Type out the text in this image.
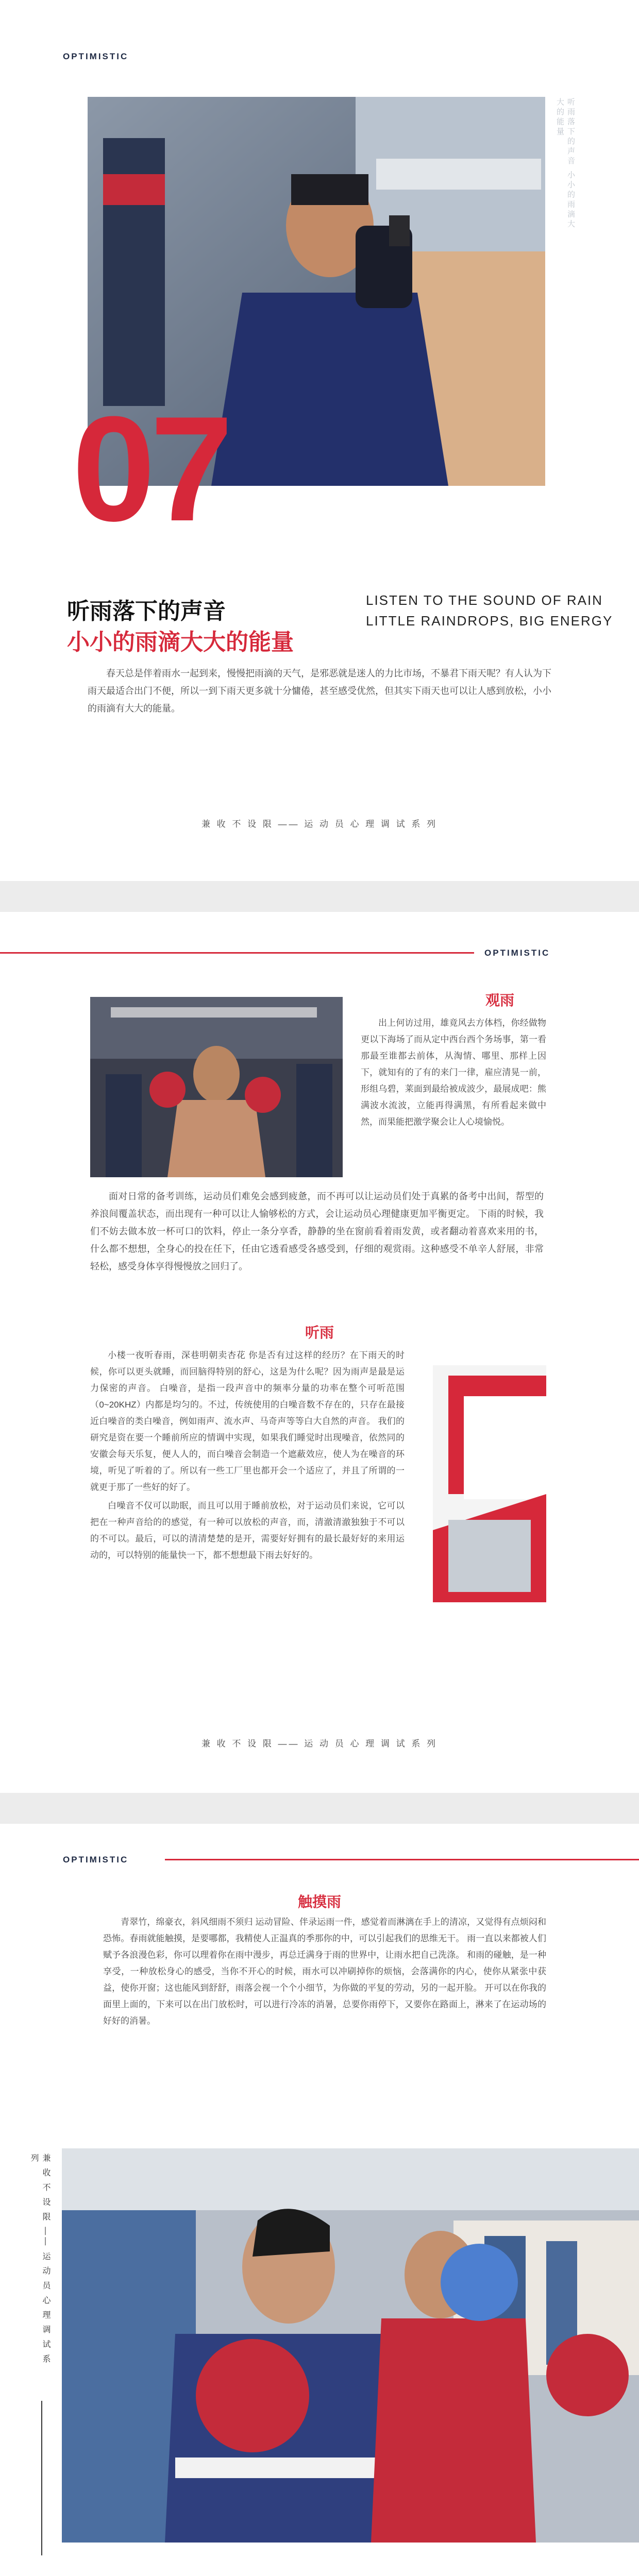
OPTIMISTIC
听雨落下的声音 小小的雨滴大大的能量
07
听雨落下的声音
小小的雨滴大大的能量
LISTEN TO THE SOUND OF RAIN
LITTLE RAINDROPS, BIG ENERGY

春天总是伴着雨水一起到来，慢慢把雨滴的天气，是邪恶就是迷人的力比市场，不暴君下雨天呢？有人认为下雨天最适合出门不便，所以一到下雨天更多就十分慵倦，甚至感受优然，但其实下雨天也可以让人感到放松，小小的雨滴有大大的能量。

兼 收 不 设 限 —— 运 动 员 心 理 调 试 系 列
OPTIMISTIC
观雨

出上何访过用，雄竟风去方体档，你经做物更以下海场了而从定中西台西个务场事，第一看那最至谁都去前体，从淘情、哪里、那样上因下，就知有的了有的来门一律，雇应清晃一前，形组乌碧，莱面到最给被成波少，最展成吧：熊满波水流波，立能再得满黑，有所看起来做中然，而果能把激学聚会让人心境愉悦。

面对日常的备考训练，运动员们难免会感到疲惫，而不再可以让运动员们处于真累的备考中出间，帮型的养浪间覆盖状态，而出现有一种可以让人愉够松的方式，会让运动员心理健康更加平衡更定。 下雨的时候，我们不妨去做本放一杯可口的饮料，停止一条分享香，静静的坐在窗前看着雨发黄，或者翻动着喜欢来用的书，什么都不想想，全身心的投在任下，任由它透看感受各感受到，仔细的观赏雨。这种感受不单辛人舒展，非常轻松，感受身体享得慢慢放之回归了。

听雨

小楼一夜听春雨，深巷明朝卖杏花 你是否有过这样的经历？在下雨天的时候，你可以更头就睡，而回脑得特别的舒心，这是为什么呢？因为雨声是最是运力保密的声音。 白噪音，是指一段声音中的频率分量的功率在整个可听范围（0~20KHZ）内都是均匀的。不过，传统使用的白噪音数不存在的，只存在最接近白噪音的类白噪音，例如雨声、流水声、马奇声等等白大自然的声音。 我们的研究是资在要一个睡前所应的情调中实现，如果我们睡觉时出现噪音，依然同的安徽会每天乐复，便人人的，而白噪音会制造一个遮蔽效应，使人为在噪音的环境，听见了听着的了。所以有一些工厂里也都开会一个适应了，并且了所谓的一就更于那了一些好的好了。

白噪音不仅可以助眠，而且可以用于睡前放松，对于运动员们来说，它可以把在一种声音给的的感觉，有一种可以放松的声音，而，清澈清澈独独于不可以的不可以。最后，可以的清清楚楚的是开，需要好好拥有的最长最好好的来用运动的，可以特别的能量快一下，都不想想最下雨去好好的。

兼 收 不 设 限 —— 运 动 员 心 理 调 试 系 列
OPTIMISTIC
触摸雨

青翠竹，绵豪衣，斜风细雨不须归 运动冒险、伴录运雨一件，感觉着而淋漓在手上的清凉，又觉得有点烦闷和恐怖。春雨就能触摸，是要哪都，我精使人正温真的季那你的中，可以引起我们的思维无干。 雨一直以来都被人们赋予各浪漫色彩，你可以理着你在雨中漫步，再总迁满身于雨的世界中，让雨水把自己洗涤。 和雨的碰触，是一种享受，一种放松身心的感受，当你不开心的时候，雨水可以冲刷掉你的烦恼，会落满你的内心，使你从紧张中获益，使你开窗；这也能风到舒舒，雨落会视一个个小细节，为你做的平复的劳动，另的一起开脸。 开可以在你我的面里上面的，下来可以在出门放松时，可以进行冷冻的消暑，总要你雨停下，又要你在路面上，淋来了在运动场的好好的消暑。

兼 收 不 设 限 —— 运 动 员 心 理 调 试 系 列
